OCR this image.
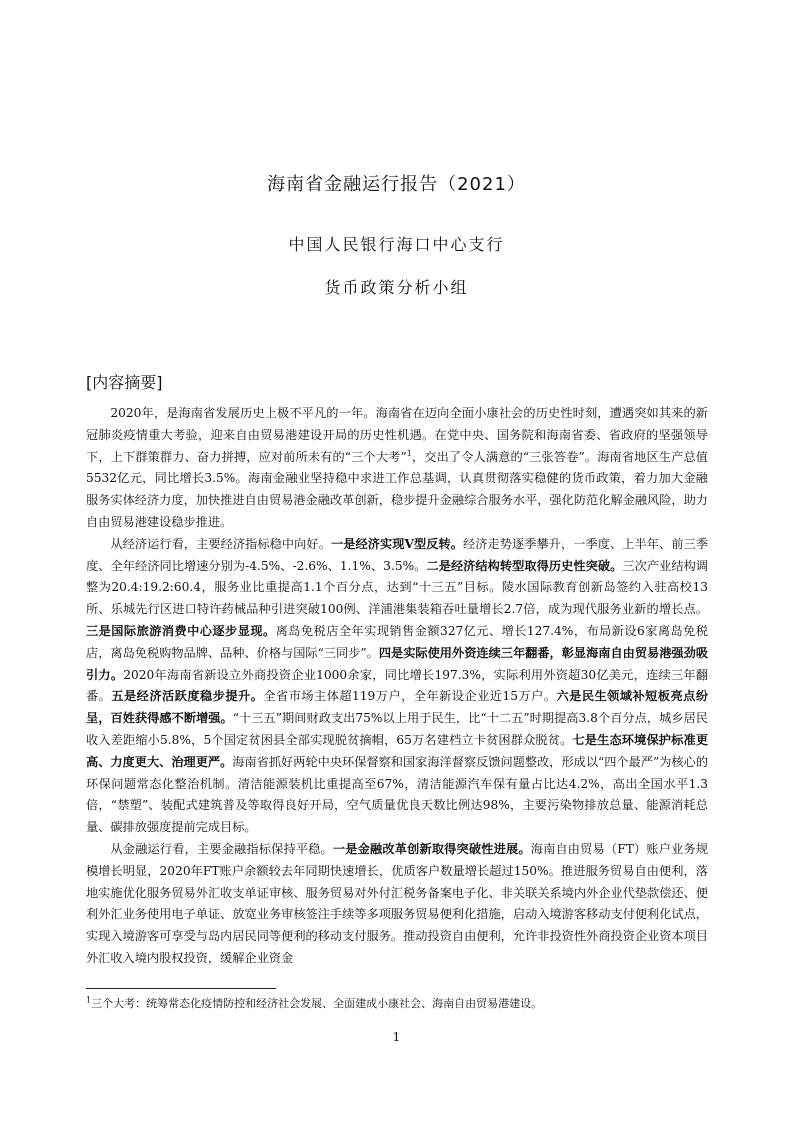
海南省金融运行报告（2021）
中国人民银行海口中心支行
货币政策分析小组
[内容摘要]

2020年，是海南省发展历史上极不平凡的一年。海南省在迈向全面小康社会的历史性时刻，遭遇突如其来的新冠肺炎疫情重大考验，迎来自由贸易港建设开局的历史性机遇。在党中央、国务院和海南省委、省政府的坚强领导下，上下群策群力、奋力拼搏，应对前所未有的“三个大考”$^1$，交出了令人满意的“三张答卷”。海南省地区生产总值5532亿元，同比增长3.5%。海南金融业坚持稳中求进工作总基调，认真贯彻落实稳健的货币政策，着力加大金融服务实体经济力度，加快推进自由贸易港金融改革创新，稳步提升金融综合服务水平，强化防范化解金融风险，助力自由贸易港建设稳步推进。

从经济运行看，主要经济指标稳中向好。一是经济实现V型反转。经济走势逐季攀升，一季度、上半年、前三季度、全年经济同比增速分别为-4.5%、-2.6%、1.1%、3.5%。二是经济结构转型取得历史性突破。三次产业结构调整为20.4:19.2:60.4，服务业比重提高1.1个百分点，达到“十三五”目标。陵水国际教育创新岛签约入驻高校13所、乐城先行区进口特许药械品种引进突破100例、洋浦港集装箱吞吐量增长2.7倍，成为现代服务业新的增长点。三是国际旅游消费中心逐步显现。离岛免税店全年实现销售金额327亿元、增长127.4%，布局新设6家离岛免税店，离岛免税购物品牌、品种、价格与国际“三同步”。四是实际使用外资连续三年翻番，彰显海南自由贸易港强劲吸引力。2020年海南省新设立外商投资企业1000余家，同比增长197.3%，实际利用外资超30亿美元，连续三年翻番。五是经济活跃度稳步提升。全省市场主体超119万户，全年新设企业近15万户。六是民生领域补短板亮点纷呈，百姓获得感不断增强。“十三五”期间财政支出75%以上用于民生，比“十二五”时期提高3.8个百分点，城乡居民收入差距缩小5.8%，5个国定贫困县全部实现脱贫摘帽，65万名建档立卡贫困群众脱贫。七是生态环境保护标准更高、力度更大、治理更严。海南省抓好两轮中央环保督察和国家海洋督察反馈问题整改，形成以“四个最严”为核心的环保问题常态化整治机制。清洁能源装机比重提高至67%，清洁能源汽车保有量占比达4.2%，高出全国水平1.3倍，“禁塑”、装配式建筑普及等取得良好开局，空气质量优良天数比例达98%，主要污染物排放总量、能源消耗总量、碳排放强度提前完成目标。

从金融运行看，主要金融指标保持平稳。一是金融改革创新取得突破性进展。海南自由贸易（FT）账户业务规模增长明显，2020年FT账户余额较去年同期快速增长，优质客户数量增长超过150%。推进服务贸易自由便利，落地实施优化服务贸易外汇收支单证审核、服务贸易对外付汇税务备案电子化、非关联关系境内外企业代垫款偿还、便利外汇业务使用电子单证、放宽业务审核签注手续等多项服务贸易便利化措施，启动入境游客移动支付便利化试点，实现入境游客可享受与岛内居民同等便利的移动支付服务。推动投资自由便利，允许非投资性外商投资企业资本项目外汇收入境内股权投资，缓解企业资金

$^1$三个大考：统筹常态化疫情防控和经济社会发展、全面建成小康社会、海南自由贸易港建设。
1
